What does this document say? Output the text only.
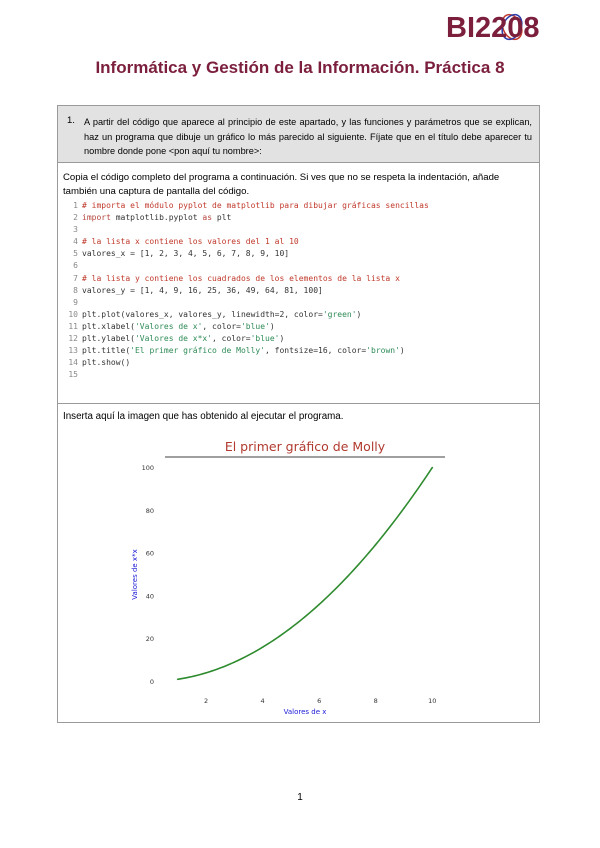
BI2208
Informática y Gestión de la Información. Práctica 8
1. A partir del código que aparece al principio de este apartado, y las funciones y parámetros que se explican, haz un programa que dibuje un gráfico lo más parecido al siguiente. Fíjate que en el título debe aparecer tu nombre donde pone <pon aquí tu nombre>:
Copia el código completo del programa a continuación. Si ves que no se respeta la indentación, añade también una captura de pantalla del código.
1 # importa el módulo pyplot de matplotlib para dibujar gráficas sencillas
2 import matplotlib.pyplot as plt
3
4 # la lista x contiene los valores del 1 al 10
5 valores_x = [1, 2, 3, 4, 5, 6, 7, 8, 9, 10]
6
7 # la lista y contiene los cuadrados de los elementos de la lista x
8 valores_y = [1, 4, 9, 16, 25, 36, 49, 64, 81, 100]
9
10 plt.plot(valores_x, valores_y, linewidth=2, color='green')
11 plt.xlabel('Valores de x', color='blue')
12 plt.ylabel('Valores de x*x', color='blue')
13 plt.title('El primer gráfico de Molly', fontsize=16, color='brown')
14 plt.show()
15
Inserta aquí la imagen que has obtenido al ejecutar el programa.
El primer gráfico de Molly
0
20
40
60
80
100
2	4	6	8	10
Valores de x
Valores de x*x
1
